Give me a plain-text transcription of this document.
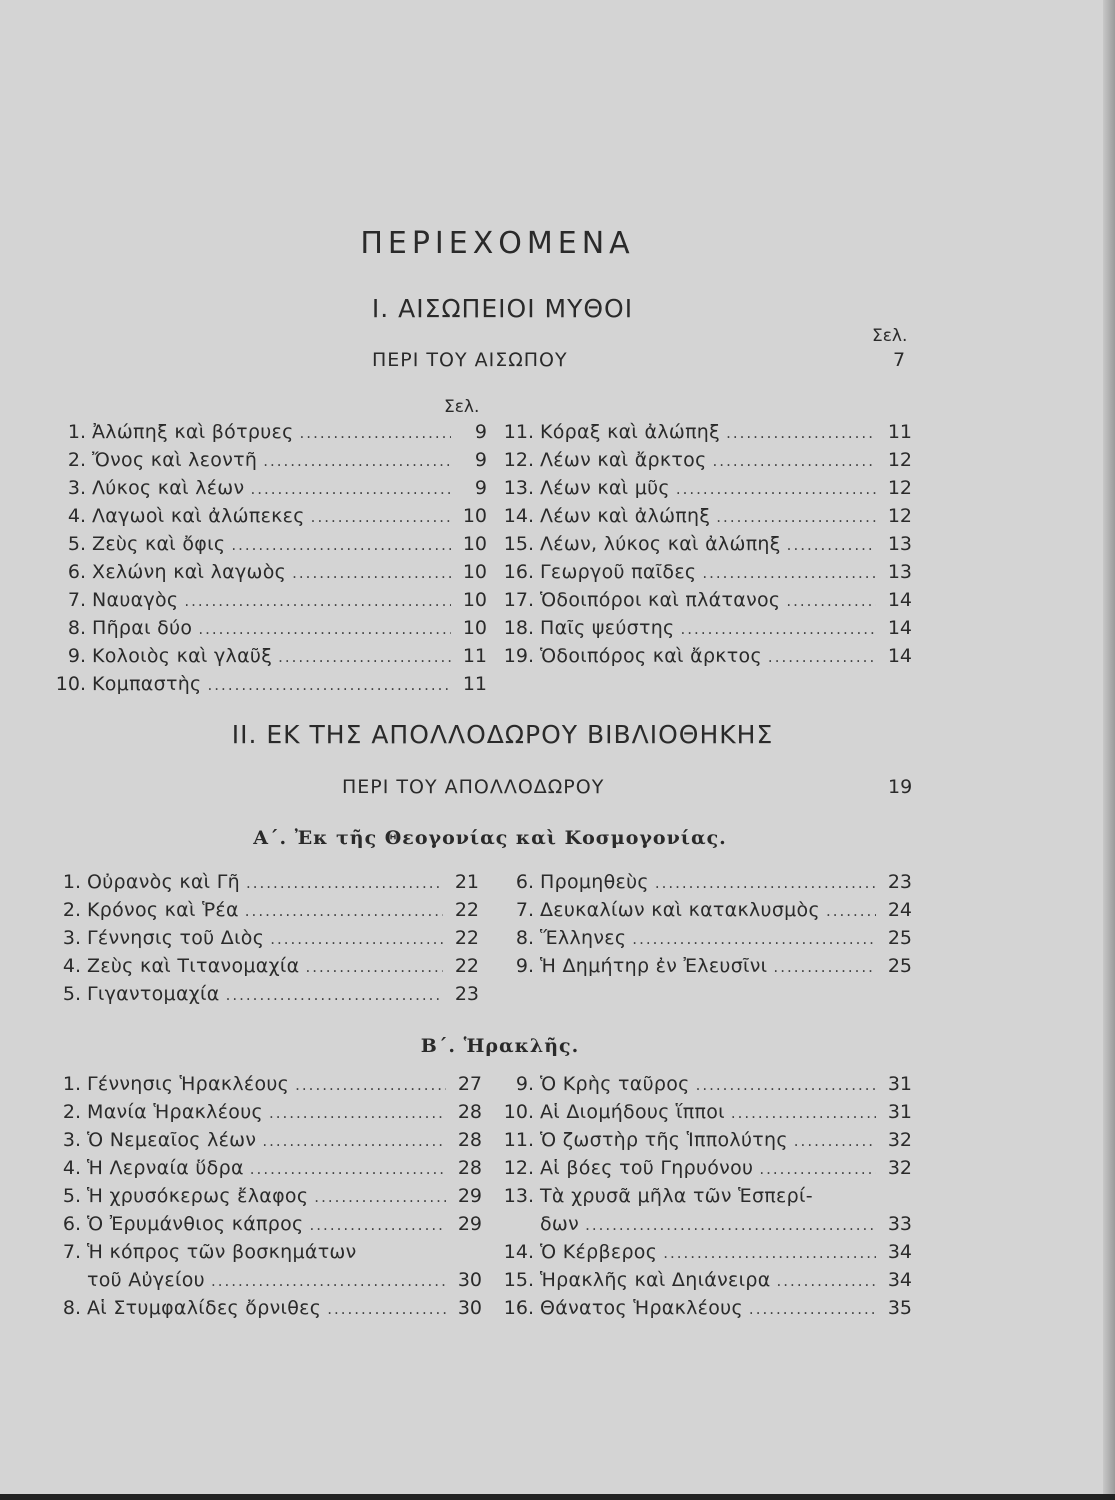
ΠΕΡΙΕΧΟΜΕΝΑ
Ι. ΑΙΣΩΠΕΙΟΙ ΜΥΘΟΙ
Σελ.
ΠΕΡΙ ΤΟΥ ΑΙΣΩΠΟΥ	7
Σελ.
1. Ἀλώπηξ καὶ βότρυες .....	9
2. Ὄνος καὶ λεοντῆ .....	9
3. Λύκος καὶ λέων .....	9
4. Λαγωοὶ καὶ ἀλώπεκες .....	10
5. Ζεὺς καὶ ὄφις .....	10
6. Χελώνη καὶ λαγωὸς .....	10
7. Ναυαγὸς .....	10
8. Πῆραι δύο .....	10
9. Κολοιὸς καὶ γλαῦξ .....	11
10. Κομπαστὴς .....	11
11. Κόραξ καὶ ἀλώπηξ .....	11
12. Λέων καὶ ἄρκτος .....	12
13. Λέων καὶ μῦς .....	12
14. Λέων καὶ ἀλώπηξ .....	12
15. Λέων, λύκος καὶ ἀλώπηξ .....	13
16. Γεωργοῦ παῖδες .....	13
17. Ὁδοιπόροι καὶ πλάτανος .....	14
18. Παῖς ψεύστης .....	14
19. Ὁδοιπόρος καὶ ἄρκτος .....	14
ΙΙ. ΕΚ ΤΗΣ ΑΠΟΛΛΟΔΩΡΟΥ ΒΙΒΛΙΟΘΗΚΗΣ
ΠΕΡΙ ΤΟΥ ΑΠΟΛΛΟΔΩΡΟΥ	19
Α΄. Ἐκ τῆς Θεογονίας καὶ Κοσμογονίας.
1. Οὐρανὸς καὶ Γῆ .....	21
2. Κρόνος καὶ Ῥέα .....	22
3. Γέννησις τοῦ Διὸς .....	22
4. Ζεὺς καὶ Τιτανομαχία .....	22
5. Γιγαντομαχία .....	23
6. Προμηθεὺς .....	23
7. Δευκαλίων καὶ κατακλυσμὸς .....	24
8. Ἕλληνες .....	25
9. Ἡ Δημήτηρ ἐν Ἐλευσῖνι .....	25
Β΄. Ἡρακλῆς.
1. Γέννησις Ἡρακλέους .....	27
2. Μανία Ἡρακλέους .....	28
3. Ὁ Νεμεαῖος λέων .....	28
4. Ἡ Λερναία ὕδρα .....	28
5. Ἡ χρυσόκερως ἔλαφος .....	29
6. Ὁ Ἐρυμάνθιος κάπρος .....	29
7. Ἡ κόπρος τῶν βοσκημάτων
τοῦ Αὐγείου .....	30
8. Αἱ Στυμφαλίδες ὄρνιθες .....	30
9. Ὁ Κρὴς ταῦρος .....	31
10. Αἱ Διομήδους ἵπποι .....	31
11. Ὁ ζωστὴρ τῆς Ἱππολύτης .....	32
12. Αἱ βόες τοῦ Γηρυόνου .....	32
13. Τὰ χρυσᾶ μῆλα τῶν Ἑσπερί-
δων .....	33
14. Ὁ Κέρβερος .....	34
15. Ἡρακλῆς καὶ Δηιάνειρα .....	34
16. Θάνατος Ἡρακλέους .....	35
